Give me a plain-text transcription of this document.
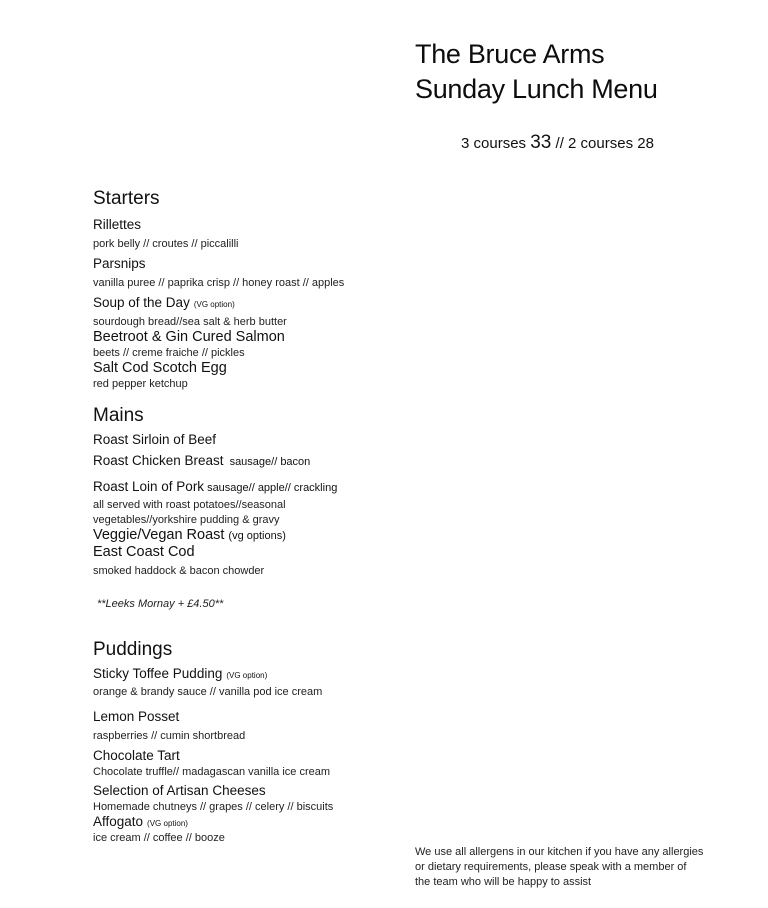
The Bruce Arms
Sunday Lunch Menu
3 courses 33 // 2 courses 28
Starters
Rillettes
pork belly // croutes // piccalilli
Parsnips
vanilla puree // paprika crisp // honey roast // apples
Soup of the Day (VG option)
sourdough bread//sea salt & herb butter
Beetroot & Gin Cured Salmon
beets // creme fraiche // pickles
Salt Cod Scotch Egg
red pepper ketchup
Mains
Roast Sirloin of Beef
Roast Chicken Breast sausage// bacon
Roast Loin of Pork sausage// apple// crackling
all served with roast potatoes//seasonal
vegetables//yorkshire pudding & gravy
Veggie/Vegan Roast (vg options)
East Coast Cod
smoked haddock & bacon chowder
**Leeks Mornay + £4.50**
Puddings
Sticky Toffee Pudding (VG option)
orange & brandy sauce // vanilla pod ice cream
Lemon Posset
raspberries // cumin shortbread
Chocolate Tart
Chocolate truffle// madagascan vanilla ice cream
Selection of Artisan Cheeses
Homemade chutneys // grapes // celery // biscuits
Affogato (VG option)
ice cream // coffee // booze
We use all allergens in our kitchen if you have any allergies
or dietary requirements, please speak with a member of
the team who will be happy to assist
